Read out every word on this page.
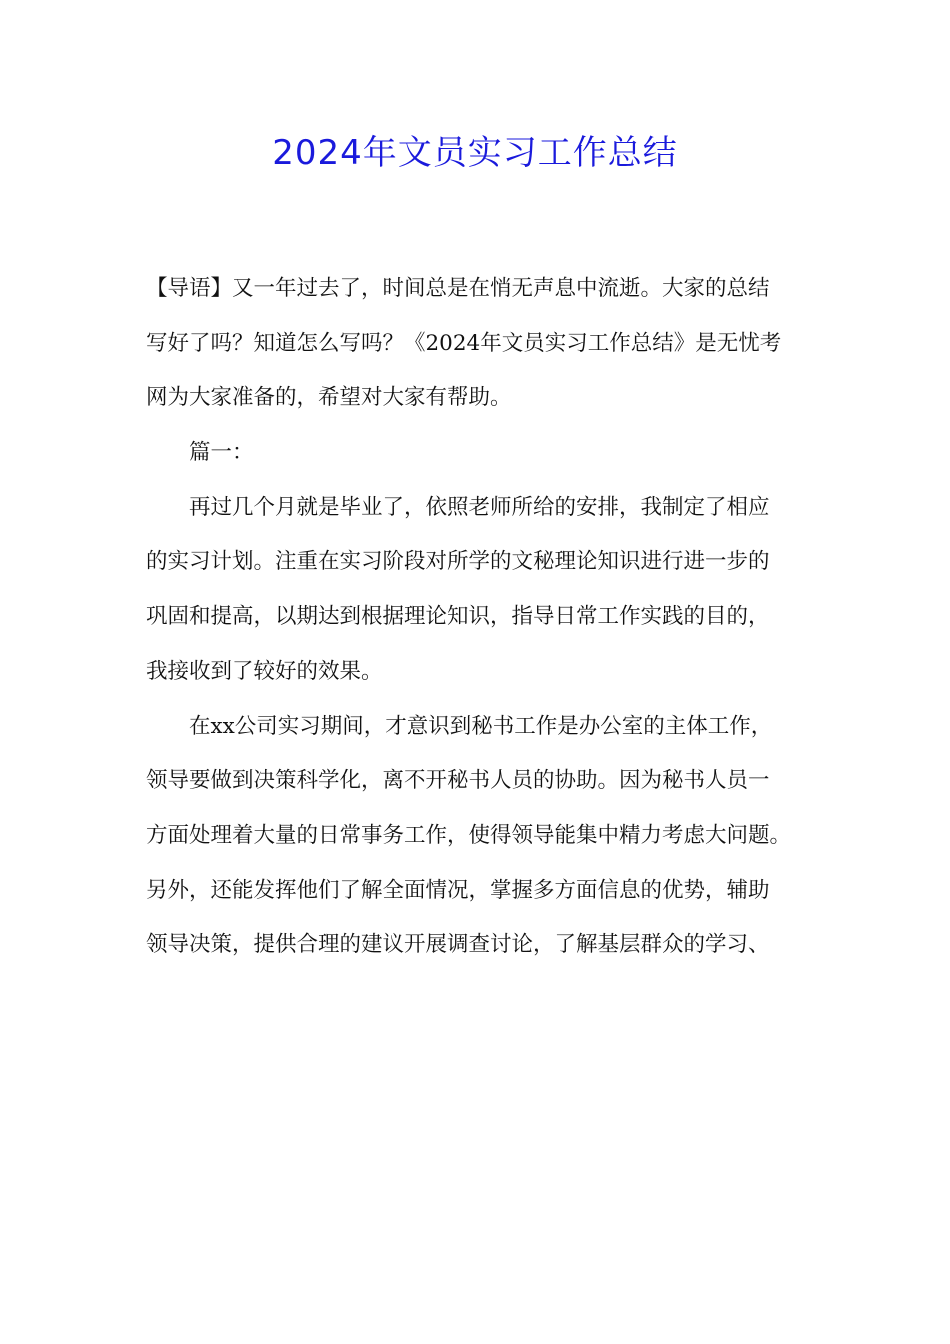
2024年文员实习工作总结
【导语】又一年过去了，时间总是在悄无声息中流逝。大家的总结
写好了吗？知道怎么写吗？《2024年文员实习工作总结》是无忧考
网为大家准备的，希望对大家有帮助。
篇一：
再过几个月就是毕业了，依照老师所给的安排，我制定了相应
的实习计划。注重在实习阶段对所学的文秘理论知识进行进一步的
巩固和提高，以期达到根据理论知识，指导日常工作实践的目的，
我接收到了较好的效果。
在xx公司实习期间，才意识到秘书工作是办公室的主体工作，
领导要做到决策科学化，离不开秘书人员的协助。因为秘书人员一
方面处理着大量的日常事务工作，使得领导能集中精力考虑大问题。
另外，还能发挥他们了解全面情况，掌握多方面信息的优势，辅助
领导决策，提供合理的建议开展调查讨论，了解基层群众的学习、
